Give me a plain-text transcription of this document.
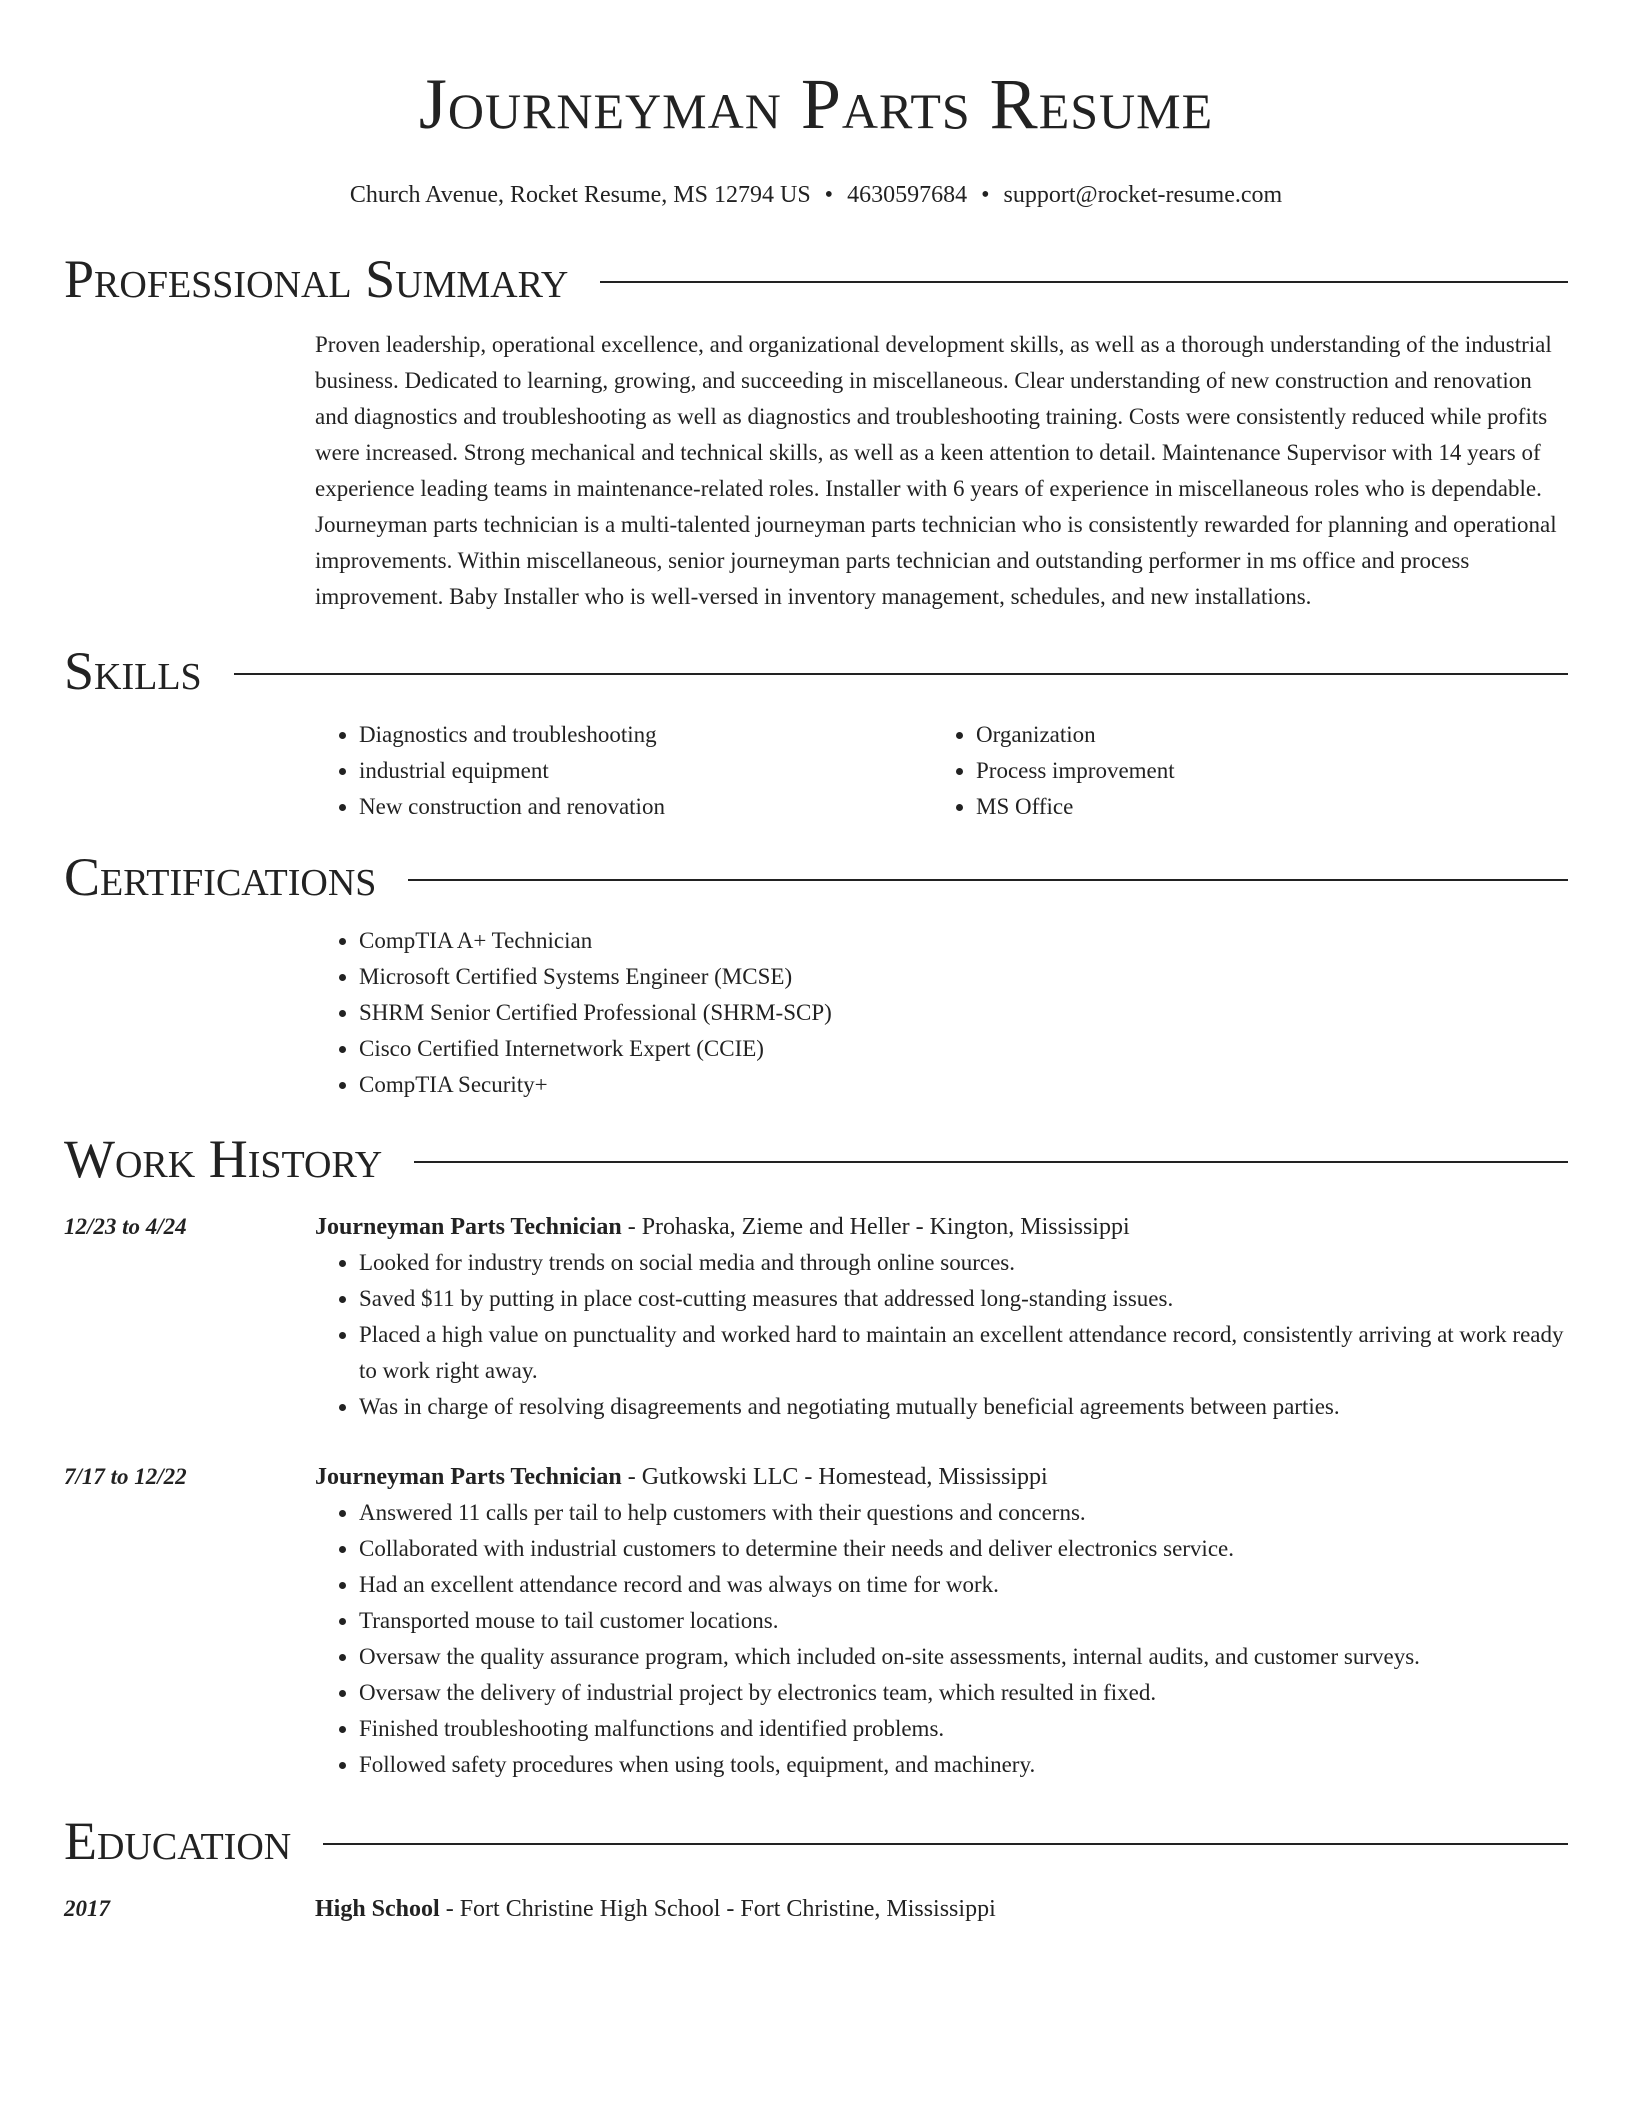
Journeyman Parts Resume
Church Avenue, Rocket Resume, MS 12794 US • 4630597684 • support@rocket-resume.com
Professional Summary

Proven leadership, operational excellence, and organizational development skills, as well as a thorough understanding of the industrial business. Dedicated to learning, growing, and succeeding in miscellaneous. Clear understanding of new construction and renovation and diagnostics and troubleshooting as well as diagnostics and troubleshooting training. Costs were consistently reduced while profits were increased. Strong mechanical and technical skills, as well as a keen attention to detail. Maintenance Supervisor with 14 years of experience leading teams in maintenance-related roles. Installer with 6 years of experience in miscellaneous roles who is dependable. Journeyman parts technician is a multi-talented journeyman parts technician who is consistently rewarded for planning and operational improvements. Within miscellaneous, senior journeyman parts technician and outstanding performer in ms office and process improvement. Baby Installer who is well-versed in inventory management, schedules, and new installations.

Skills
• Diagnostics and troubleshooting
• industrial equipment
• New construction and renovation
• Organization
• Process improvement
• MS Office
Certifications
• CompTIA A+ Technician
• Microsoft Certified Systems Engineer (MCSE)
• SHRM Senior Certified Professional (SHRM-SCP)
• Cisco Certified Internetwork Expert (CCIE)
• CompTIA Security+
Work History
12/23 to 4/24	Journeyman Parts Technician - Prohaska, Zieme and Heller - Kington, Mississippi
• Looked for industry trends on social media and through online sources.
• Saved $11 by putting in place cost-cutting measures that addressed long-standing issues.
• Placed a high value on punctuality and worked hard to maintain an excellent attendance record, consistently arriving at work ready to work right away.
• Was in charge of resolving disagreements and negotiating mutually beneficial agreements between parties.
7/17 to 12/22	Journeyman Parts Technician - Gutkowski LLC - Homestead, Mississippi
• Answered 11 calls per tail to help customers with their questions and concerns.
• Collaborated with industrial customers to determine their needs and deliver electronics service.
• Had an excellent attendance record and was always on time for work.
• Transported mouse to tail customer locations.
• Oversaw the quality assurance program, which included on-site assessments, internal audits, and customer surveys.
• Oversaw the delivery of industrial project by electronics team, which resulted in fixed.
• Finished troubleshooting malfunctions and identified problems.
• Followed safety procedures when using tools, equipment, and machinery.
Education
2017	High School - Fort Christine High School - Fort Christine, Mississippi
